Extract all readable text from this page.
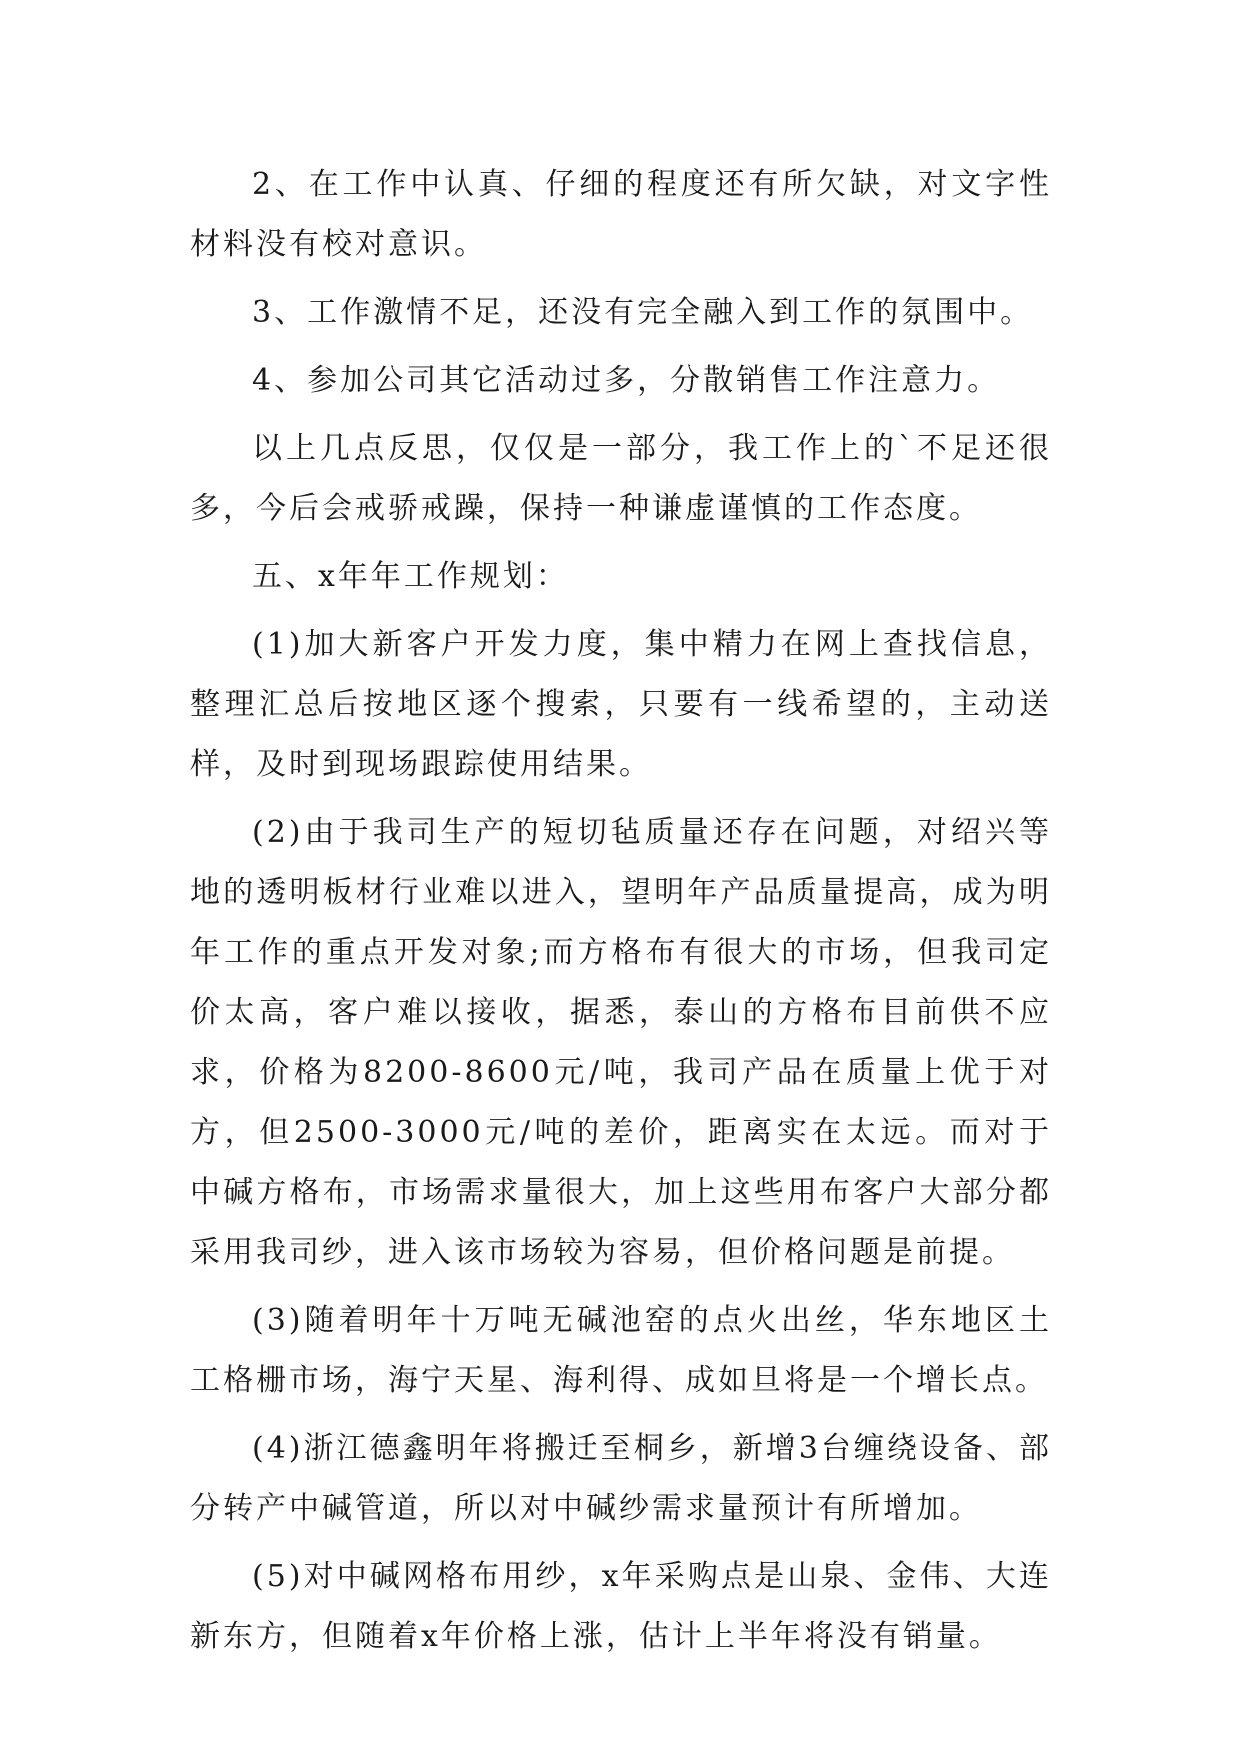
2、在工作中认真、仔细的程度还有所欠缺，对文字性材料没有校对意识。

3、工作激情不足，还没有完全融入到工作的氛围中。

4、参加公司其它活动过多，分散销售工作注意力。

以上几点反思，仅仅是一部分，我工作上的`不足还很多，今后会戒骄戒躁，保持一种谦虚谨慎的工作态度。

五、x年年工作规划：

(1)加大新客户开发力度，集中精力在网上查找信息，整理汇总后按地区逐个搜索，只要有一线希望的，主动送样，及时到现场跟踪使用结果。

(2)由于我司生产的短切毡质量还存在问题，对绍兴等地的透明板材行业难以进入，望明年产品质量提高，成为明年工作的重点开发对象;而方格布有很大的市场，但我司定价太高，客户难以接收，据悉，泰山的方格布目前供不应求，价格为8200-8600元/吨，我司产品在质量上优于对方，但2500-3000元/吨的差价，距离实在太远。而对于中碱方格布，市场需求量很大，加上这些用布客户大部分都采用我司纱，进入该市场较为容易，但价格问题是前提。

(3)随着明年十万吨无碱池窑的点火出丝，华东地区土工格栅市场，海宁天星、海利得、成如旦将是一个增长点。

(4)浙江德鑫明年将搬迁至桐乡，新增3台缠绕设备、部分转产中碱管道，所以对中碱纱需求量预计有所增加。

(5)对中碱网格布用纱，x年采购点是山泉、金伟、大连新东方，但随着x年价格上涨，估计上半年将没有销量。
